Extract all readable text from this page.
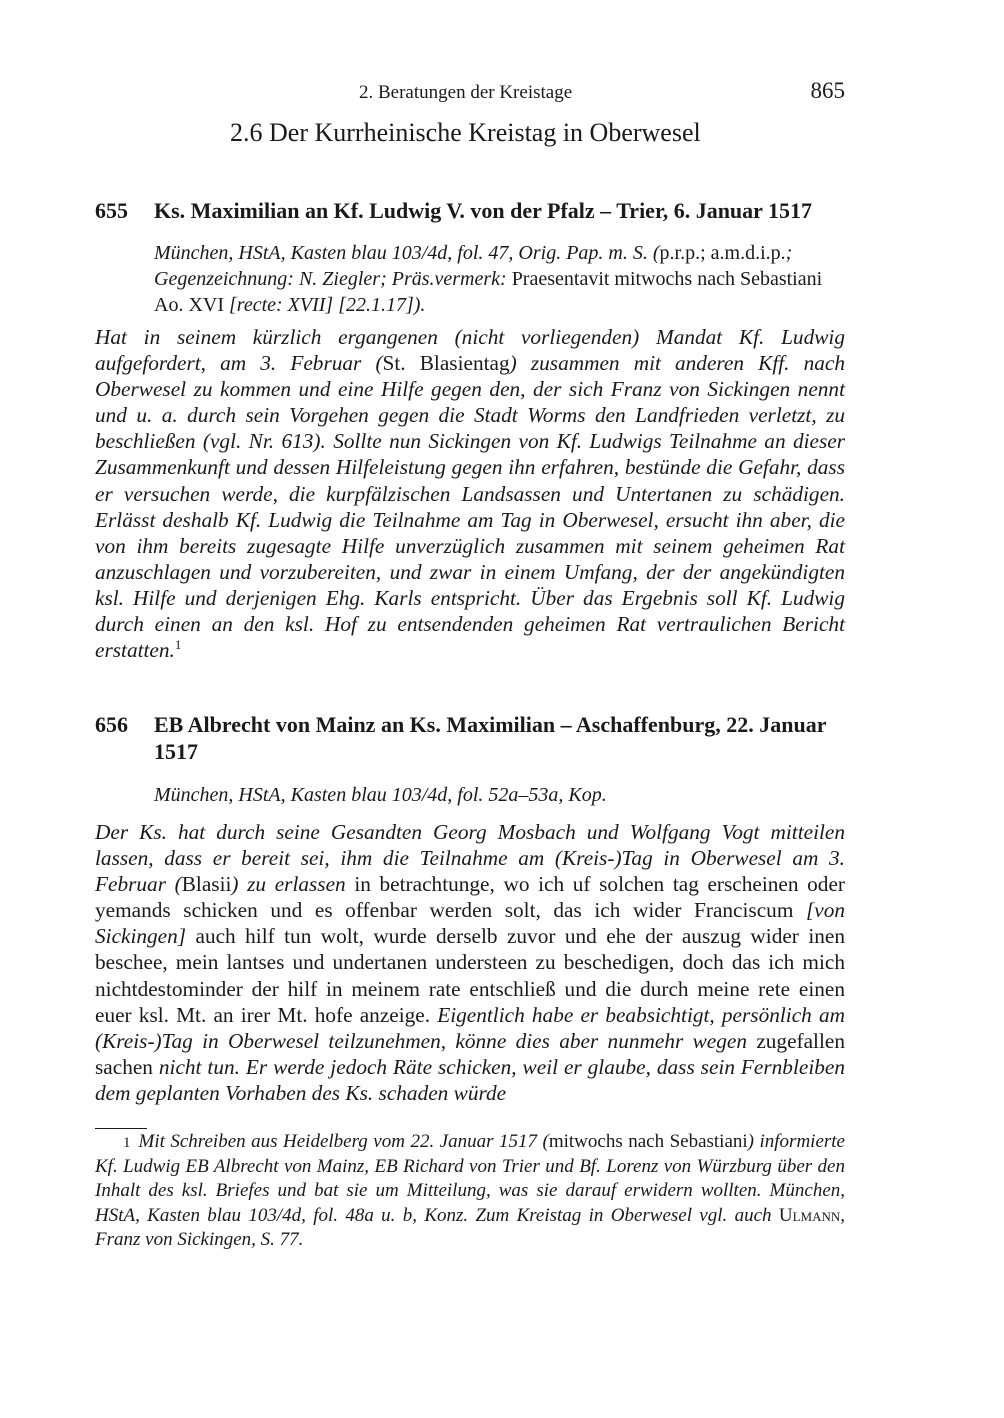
2. Beratungen der Kreistage	865
2.6 Der Kurrheinische Kreistag in Oberwesel
655 Ks. Maximilian an Kf. Ludwig V. von der Pfalz – Trier, 6. Januar 1517
München, HStA, Kasten blau 103/4d, fol. 47, Orig. Pap. m. S. (p.r.p.; a.m.d.i.p.; Gegenzeichnung: N. Ziegler; Präs.vermerk: Praesentavit mitwochs nach Sebastiani Ao. XVI [recte: XVII] [22.1.17]).
Hat in seinem kürzlich ergangenen (nicht vorliegenden) Mandat Kf. Ludwig aufgefordert, am 3. Februar (St. Blasientag) zusammen mit anderen Kff. nach Oberwesel zu kommen und eine Hilfe gegen den, der sich Franz von Sickingen nennt und u. a. durch sein Vorgehen gegen die Stadt Worms den Landfrieden verletzt, zu beschließen (vgl. Nr. 613). Sollte nun Sickingen von Kf. Ludwigs Teilnahme an dieser Zusammenkunft und dessen Hilfeleistung gegen ihn erfahren, bestünde die Gefahr, dass er versuchen werde, die kurpfälzischen Landsassen und Untertanen zu schädigen. Erlässt deshalb Kf. Ludwig die Teilnahme am Tag in Oberwesel, ersucht ihn aber, die von ihm bereits zugesagte Hilfe unverzüglich zusammen mit seinem geheimen Rat anzuschlagen und vorzubereiten, und zwar in einem Umfang, der der angekündigten ksl. Hilfe und derjenigen Ehg. Karls entspricht. Über das Ergebnis soll Kf. Ludwig durch einen an den ksl. Hof zu entsendenden geheimen Rat vertraulichen Bericht erstatten.$^1$
656 EB Albrecht von Mainz an Ks. Maximilian – Aschaffenburg, 22. Januar 1517
München, HStA, Kasten blau 103/4d, fol. 52a–53a, Kop.
Der Ks. hat durch seine Gesandten Georg Mosbach und Wolfgang Vogt mitteilen lassen, dass er bereit sei, ihm die Teilnahme am (Kreis-)Tag in Oberwesel am 3. Februar (Blasii) zu erlassen in betrachtunge, wo ich uf solchen tag erscheinen oder yemands schicken und es offenbar werden solt, das ich wider Franciscum [von Sickingen] auch hilf tun wolt, wurde derselb zuvor und ehe der auszug wider inen beschee, mein lantses und undertanen understeen zu beschedigen, doch das ich mich nichtdestominder der hilf in meinem rate entschließ und die durch meine rete einen euer ksl. Mt. an irer Mt. hofe anzeige. Eigentlich habe er beabsichtigt, persönlich am (Kreis-)Tag in Oberwesel teilzunehmen, könne dies aber nunmehr wegen zugefallen sachen nicht tun. Er werde jedoch Räte schicken, weil er glaube, dass sein Fernbleiben dem geplanten Vorhaben des Ks. schaden würde
1 Mit Schreiben aus Heidelberg vom 22. Januar 1517 (mitwochs nach Sebastiani) informierte Kf. Ludwig EB Albrecht von Mainz, EB Richard von Trier und Bf. Lorenz von Würzburg über den Inhalt des ksl. Briefes und bat sie um Mitteilung, was sie darauf erwidern wollten. München, HStA, Kasten blau 103/4d, fol. 48a u. b, Konz. Zum Kreistag in Oberwesel vgl. auch Ulmann, Franz von Sickingen, S. 77.
